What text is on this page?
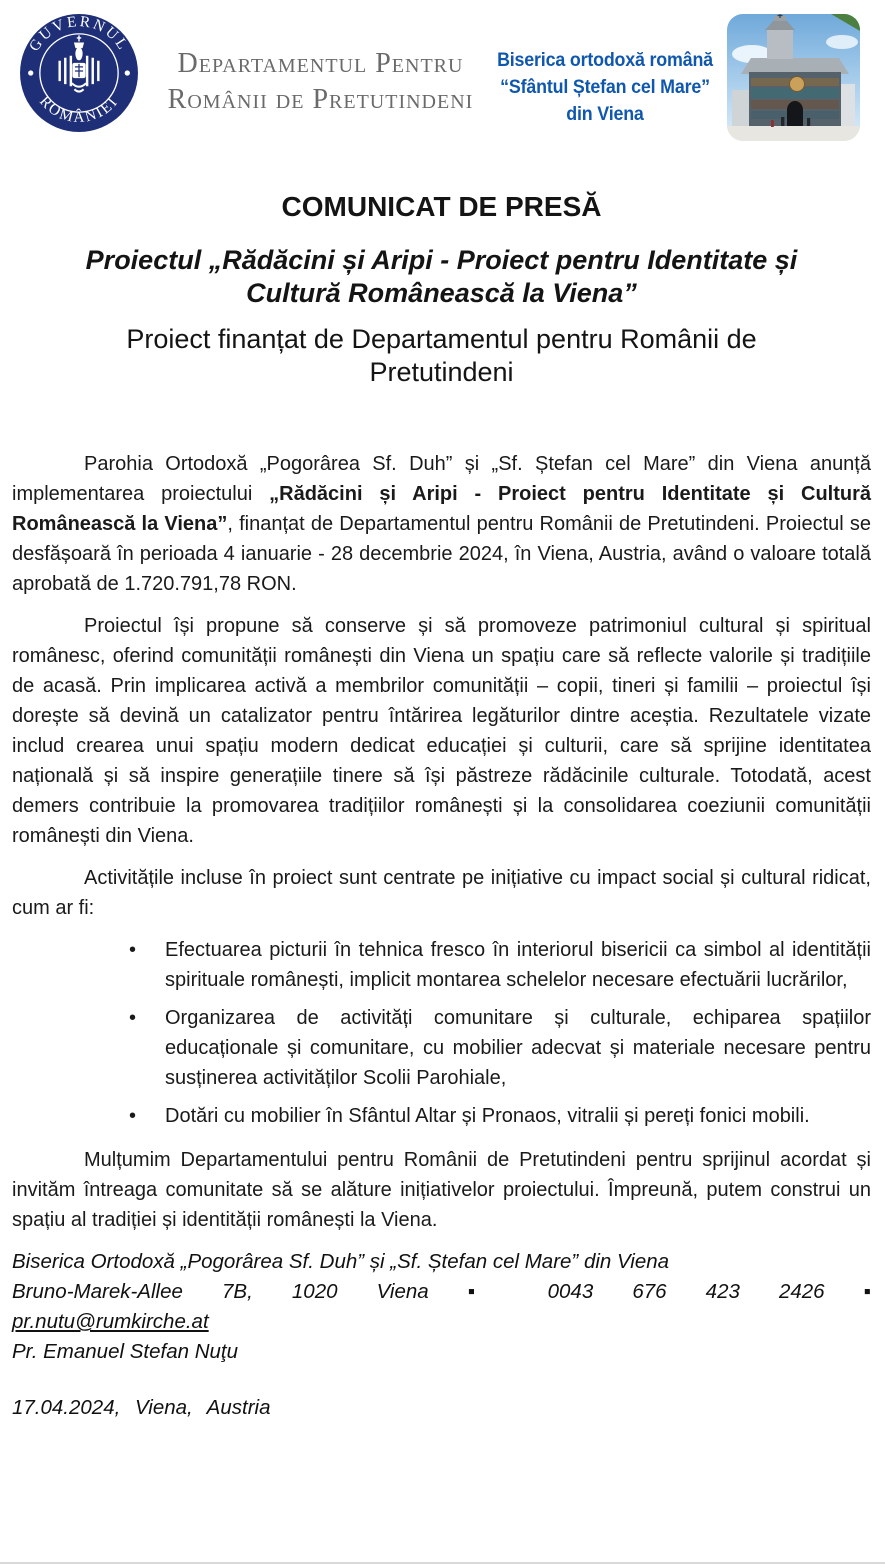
GUVERNUL
ROMÂNIEI
Departamentul Pentru
Românii de Pretutindeni
Biserica ortodoxă română
“Sfântul Ștefan cel Mare”
din Viena
COMUNICAT DE PRESĂ
Proiectul „Rădăcini și Aripi - Proiect pentru Identitate și Cultură Românească la Viena”
Proiect finanțat de Departamentul pentru Românii de Pretutindeni

Parohia Ortodoxă „Pogorârea Sf. Duh” și „Sf. Ștefan cel Mare” din Viena anunță implementarea proiectului „Rădăcini și Aripi - Proiect pentru Identitate și Cultură Românească la Viena”, finanțat de Departamentul pentru Românii de Pretutindeni. Proiectul se desfășoară în perioada 4 ianuarie - 28 decembrie 2024, în Viena, Austria, având o valoare totală aprobată de 1.720.791,78 RON.

Proiectul își propune să conserve și să promoveze patrimoniul cultural și spiritual românesc, oferind comunității românești din Viena un spațiu care să reflecte valorile și tradițiile de acasă. Prin implicarea activă a membrilor comunității – copii, tineri și familii – proiectul își dorește să devină un catalizator pentru întărirea legăturilor dintre aceștia. Rezultatele vizate includ crearea unui spațiu modern dedicat educației și culturii, care să sprijine identitatea națională și să inspire generațiile tinere să își păstreze rădăcinile culturale. Totodată, acest demers contribuie la promovarea tradițiilor românești și la consolidarea coeziunii comunității românești din Viena.

Activitățile incluse în proiect sunt centrate pe inițiative cu impact social și cultural ridicat, cum ar fi:

•	Efectuarea picturii în tehnica fresco în interiorul bisericii ca simbol al identității spirituale românești, implicit montarea schelelor necesare efectuării lucrărilor,
•	Organizarea de activități comunitare și culturale, echiparea spațiilor educaționale și comunitare, cu mobilier adecvat și materiale necesare pentru susținerea activităților Scolii Parohiale,
•	Dotări cu mobilier în Sfântul Altar și Pronaos, vitralii și pereți fonici mobili.

Mulțumim Departamentului pentru Românii de Pretutindeni pentru sprijinul acordat și invităm întreaga comunitate să se alăture inițiativelor proiectului. Împreună, putem construi un spațiu al tradiției și identității românești la Viena.

Biserica Ortodoxă „Pogorârea Sf. Duh” și „Sf. Ștefan cel Mare” din Viena
Bruno-Marek-Allee 7B, 1020 Viena ▪ 0043 676 423 2426 ▪
pr.nutu@rumkirche.at
Pr. Emanuel Stefan Nuţu
17.04.2024, Viena, Austria
